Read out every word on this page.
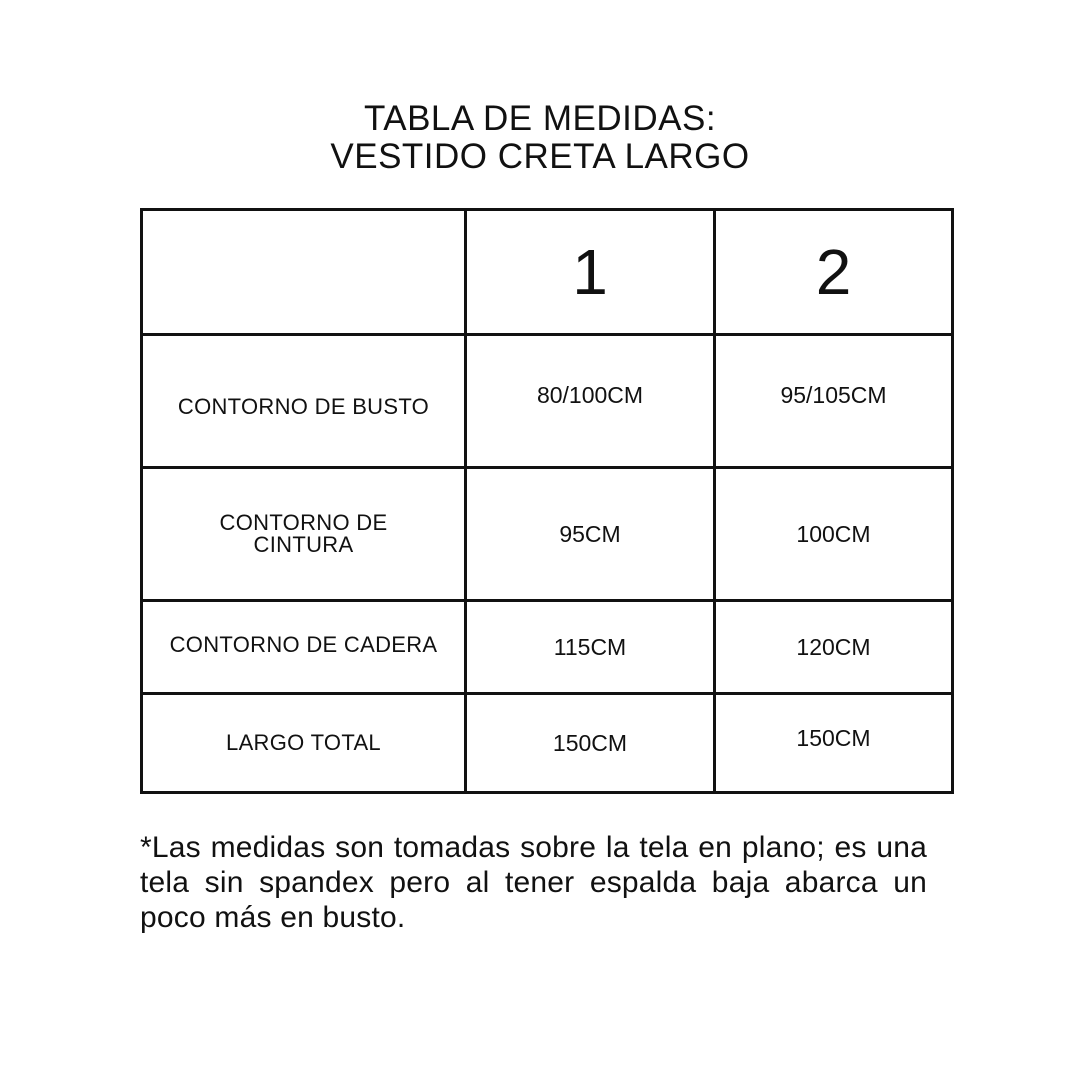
TABLA DE MEDIDAS:
VESTIDO CRETA LARGO
	1	2
CONTORNO DE BUSTO	80/100CM	95/105CM
CONTORNO DE CINTURA	95CM	100CM
CONTORNO DE CADERA	115CM	120CM
LARGO TOTAL	150CM	150CM
*Las medidas son tomadas sobre la tela en plano; es una tela sin spandex pero al tener espalda baja abarca un poco más en busto.
